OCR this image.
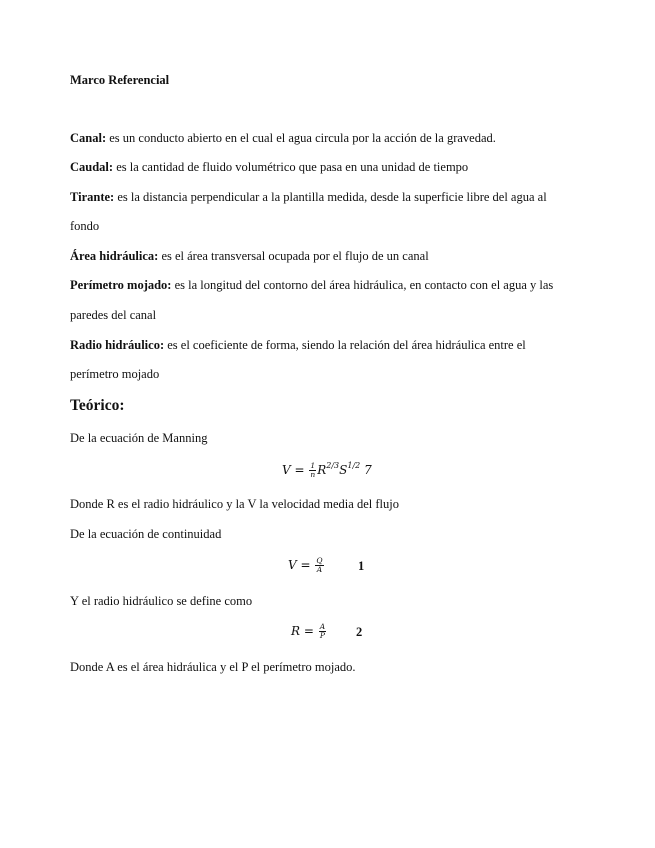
Marco Referencial
Canal: es un conducto abierto en el cual el agua circula por la acción de la gravedad.
Caudal: es la cantidad de fluido volumétrico que pasa en una unidad de tiempo
Tirante: es la distancia perpendicular a la plantilla medida, desde la superficie libre del agua al
fondo
Área hidráulica: es el área transversal ocupada por el flujo de un canal
Perímetro mojado: es la longitud del contorno del área hidráulica, en contacto con el agua y las
paredes del canal
Radio hidráulico: es el coeficiente de forma, siendo la relación del área hidráulica entre el
perímetro mojado
Teórico:
De la ecuación de Manning
$V = \frac{1}{n} R^{2/3}S^{1/2}$ 7
Donde R es el radio hidráulico y la V la velocidad media del flujo
De la ecuación de continuidad
$V = \frac{Q}{A}$	1
Y el radio hidráulico se define como
$R = \frac{A}{P} 2$
Donde A es el área hidráulica y el P el perímetro mojado.
